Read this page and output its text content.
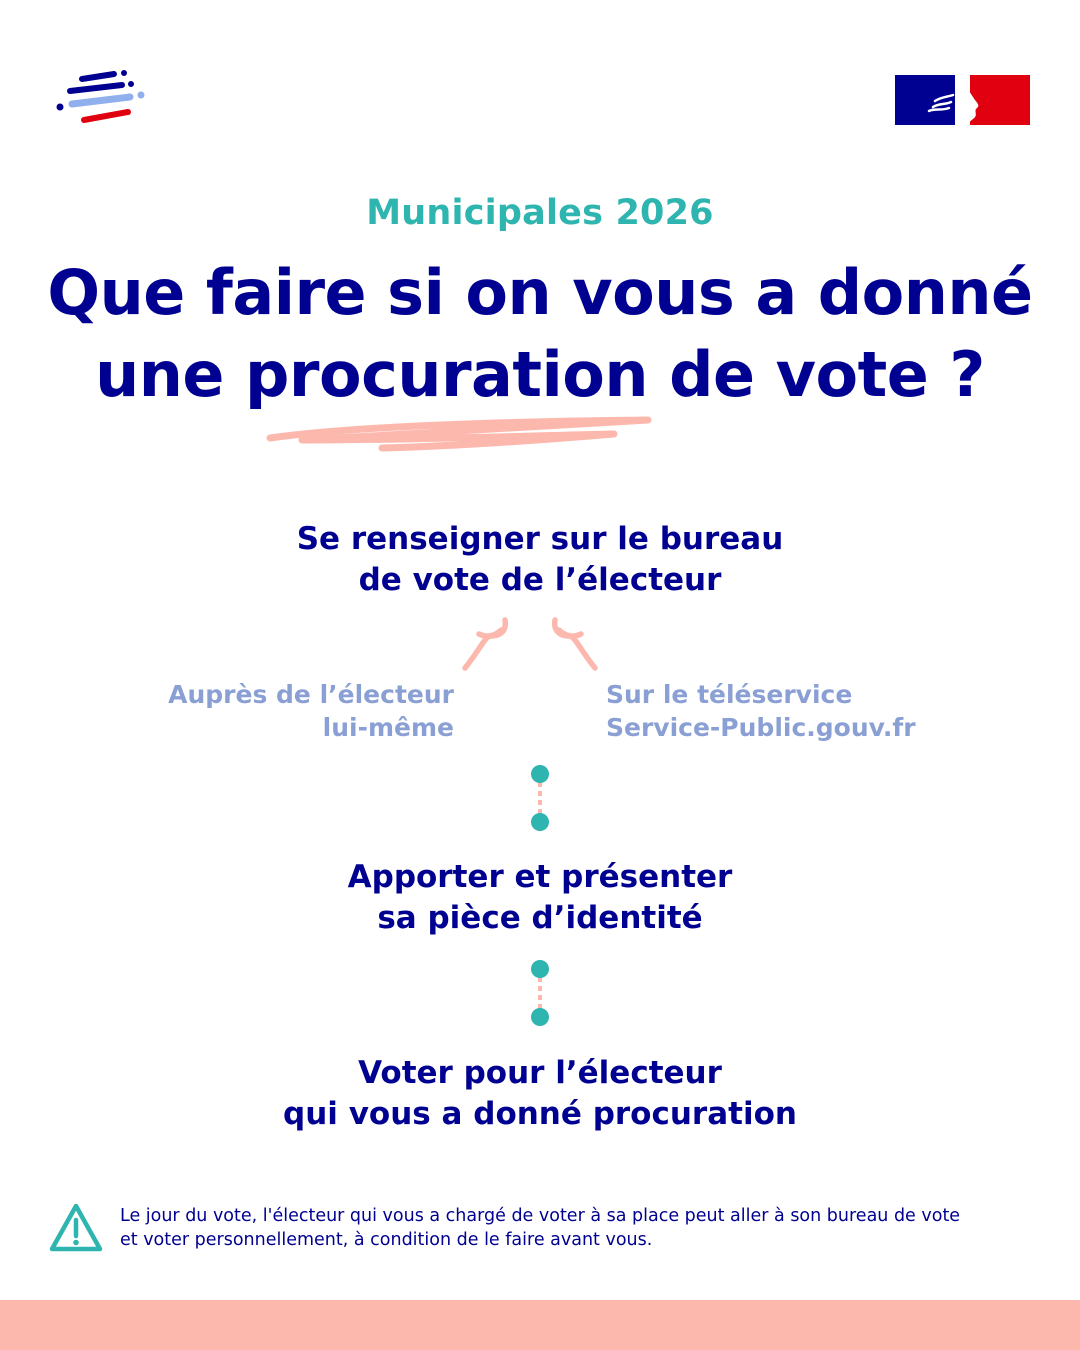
Municipales 2026
Que faire si on vous a donné
une procuration de vote ?
Se renseigner sur le bureau
de vote de l’électeur
Auprès de l’électeur
lui-même
Sur le téléservice
Service-Public.gouv.fr
Apporter et présenter
sa pièce d’identité
Voter pour l’électeur
qui vous a donné procuration
Le jour du vote, l'électeur qui vous a chargé de voter à sa place peut aller à son bureau de vote
et voter personnellement, à condition de le faire avant vous.
